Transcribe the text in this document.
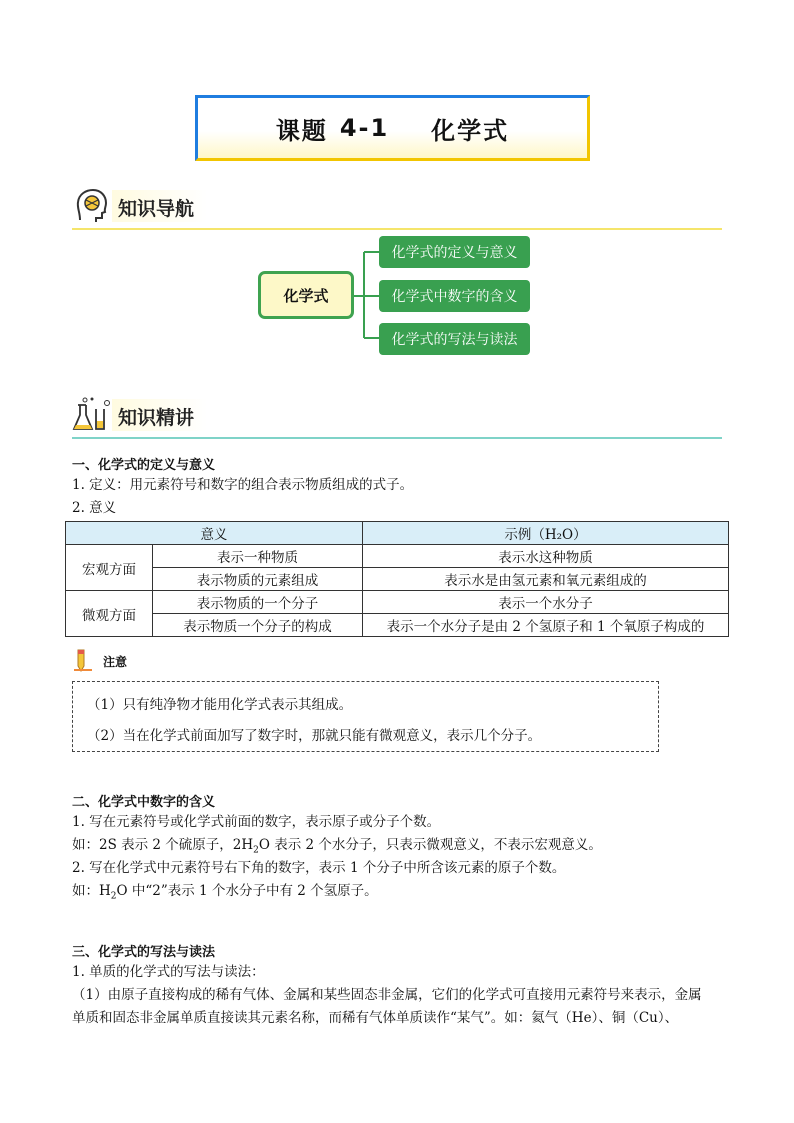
课题 4-1 化学式
知识导航
化学式
化学式的定义与意义
化学式中数字的含义
化学式的写法与读法
知识精讲
一、化学式的定义与意义
1. 定义：用元素符号和数字的组合表示物质组成的式子。
2. 意义
意义		示例（H₂O）
宏观方面	表示一种物质	表示水这种物质
	表示物质的元素组成	表示水是由氢元素和氧元素组成的
微观方面	表示物质的一个分子	表示一个水分子
	表示物质一个分子的构成	表示一个水分子是由 2 个氢原子和 1 个氧原子构成的
注意
（1）只有纯净物才能用化学式表示其组成。
（2）当在化学式前面加写了数字时，那就只能有微观意义，表示几个分子。
二、化学式中数字的含义
1. 写在元素符号或化学式前面的数字，表示原子或分子个数。
如：2S 表示 2 个硫原子，$2H_2O$ 表示 2 个水分子，只表示微观意义，不表示宏观意义。
2. 写在化学式中元素符号右下角的数字，表示 1 个分子中所含该元素的原子个数。
如：$H_2O$ 中“2”表示 1 个水分子中有 2 个氢原子。
三、化学式的写法与读法
1. 单质的化学式的写法与读法：
（1）由原子直接构成的稀有气体、金属和某些固态非金属，它们的化学式可直接用元素符号来表示，金属
单质和固态非金属单质直接读其元素名称，而稀有气体单质读作“某气”。如：氦气（He）、铜（Cu）、
